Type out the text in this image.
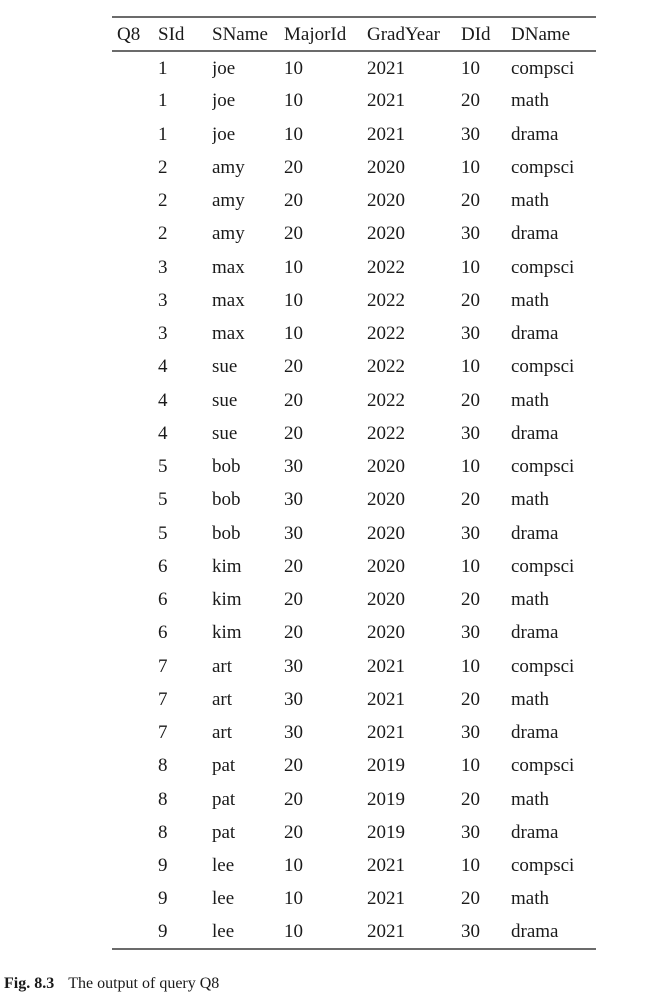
Q8	SId	SName	MajorId	GradYear	DId	DName
	1	joe	10	2021	10	compsci
	1	joe	10	2021	20	math
	1	joe	10	2021	30	drama
	2	amy	20	2020	10	compsci
	2	amy	20	2020	20	math
	2	amy	20	2020	30	drama
	3	max	10	2022	10	compsci
	3	max	10	2022	20	math
	3	max	10	2022	30	drama
	4	sue	20	2022	10	compsci
	4	sue	20	2022	20	math
	4	sue	20	2022	30	drama
	5	bob	30	2020	10	compsci
	5	bob	30	2020	20	math
	5	bob	30	2020	30	drama
	6	kim	20	2020	10	compsci
	6	kim	20	2020	20	math
	6	kim	20	2020	30	drama
	7	art	30	2021	10	compsci
	7	art	30	2021	20	math
	7	art	30	2021	30	drama
	8	pat	20	2019	10	compsci
	8	pat	20	2019	20	math
	8	pat	20	2019	30	drama
	9	lee	10	2021	10	compsci
	9	lee	10	2021	20	math
	9	lee	10	2021	30	drama
Fig. 8.3 The output of query Q8
